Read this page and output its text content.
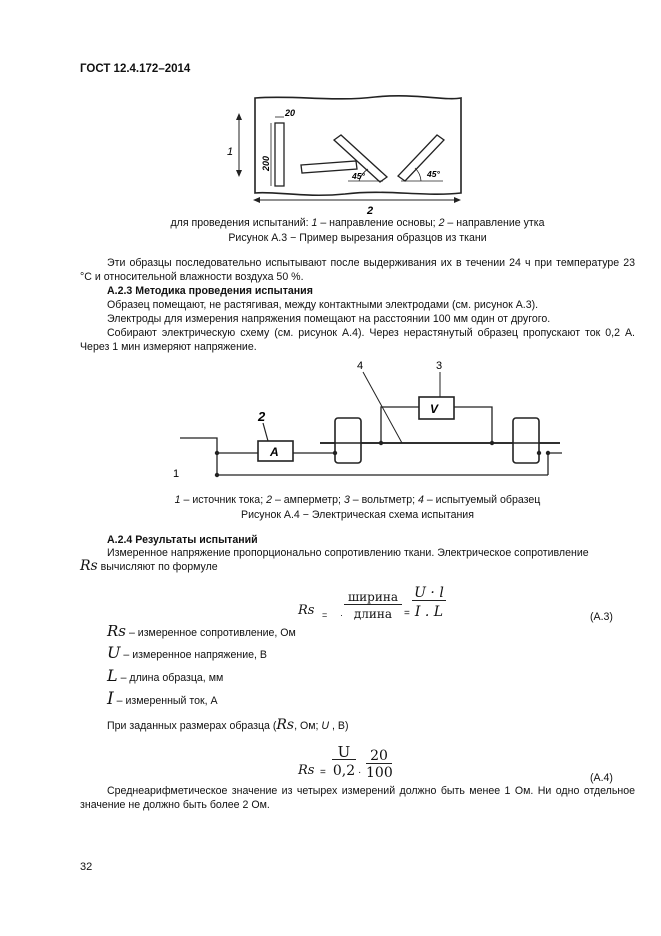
ГОСТ 12.4.172–2014
1
20
200
45°	45°
2
для проведения испытаний: 1 – направление основы; 2 – направление утка
Рисунок А.3 − Пример вырезания образцов из ткани
Эти образцы последовательно испытывают после выдерживания их в течении 24 ч при температуре 23 °С и относительной влажности воздуха 50 %.
А.2.3 Методика проведения испытания
Образец помещают, не растягивая, между контактными электродами (см. рисунок А.3).
Электроды для измерения напряжения помещают на расстоянии 100 мм один от другого.
Собирают электрическую схему (см. рисунок А.4). Через нерастянутый образец пропускают ток 0,2 А. Через 1 мин измеряют напряжение.
4	3
A
2	V
1
1 – источник тока; 2 – амперметр; 3 – вольтметр; 4 – испытуемый образец
Рисунок А.4 − Электрическая схема испытания
А.2.4 Результаты испытаний
Измеренное напряжение пропорционально сопротивлению ткани. Электрическое сопротивление
Rs вычисляют по формуле
Rs = ·
ширина
длина	=
U · l
I . L	(А.3)
Rs – измеренное сопротивление, Ом
U – измеренное напряжение, В
L – длина образца, мм
I – измеренный ток, А
При заданных размерах образца (Rs, Ом; U , В)
Rs =
U
0,2 ·
20
100	(А.4)
Среднеарифметическое значение из четырех измерений должно быть менее 1 Ом. Ни одно отдельное значение не должно быть более 2 Ом.
32
